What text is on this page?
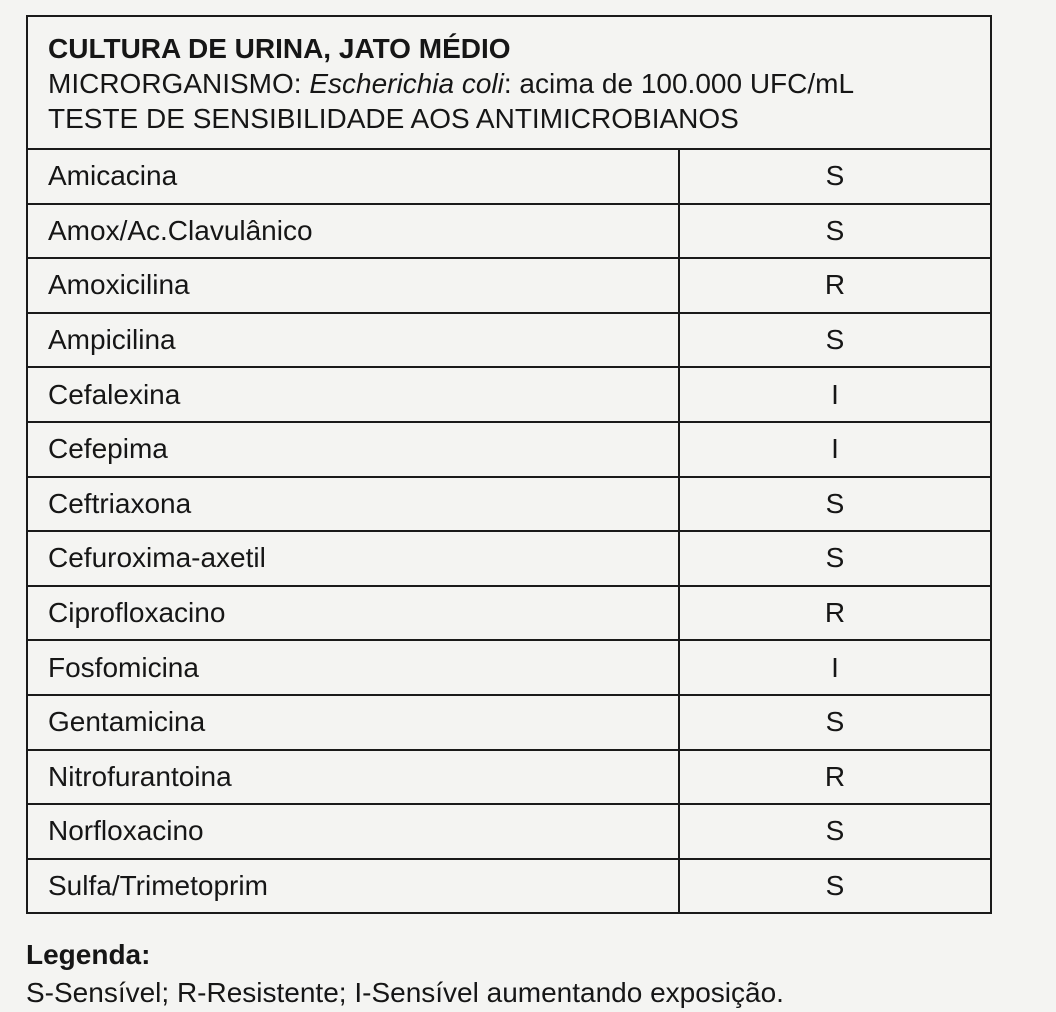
CULTURA DE URINA, JATO MÉDIO
MICRORGANISMO: Escherichia coli: acima de 100.000 UFC/mL
TESTE DE SENSIBILIDADE AOS ANTIMICROBIANOS
Amicacina	S
Amox/Ac.Clavulânico	S
Amoxicilina	R
Ampicilina	S
Cefalexina	I
Cefepima	I
Ceftriaxona	S
Cefuroxima-axetil	S
Ciprofloxacino	R
Fosfomicina	I
Gentamicina	S
Nitrofurantoina	R
Norfloxacino	S
Sulfa/Trimetoprim	S
Legenda:
S-Sensível; R-Resistente; I-Sensível aumentando exposição.
